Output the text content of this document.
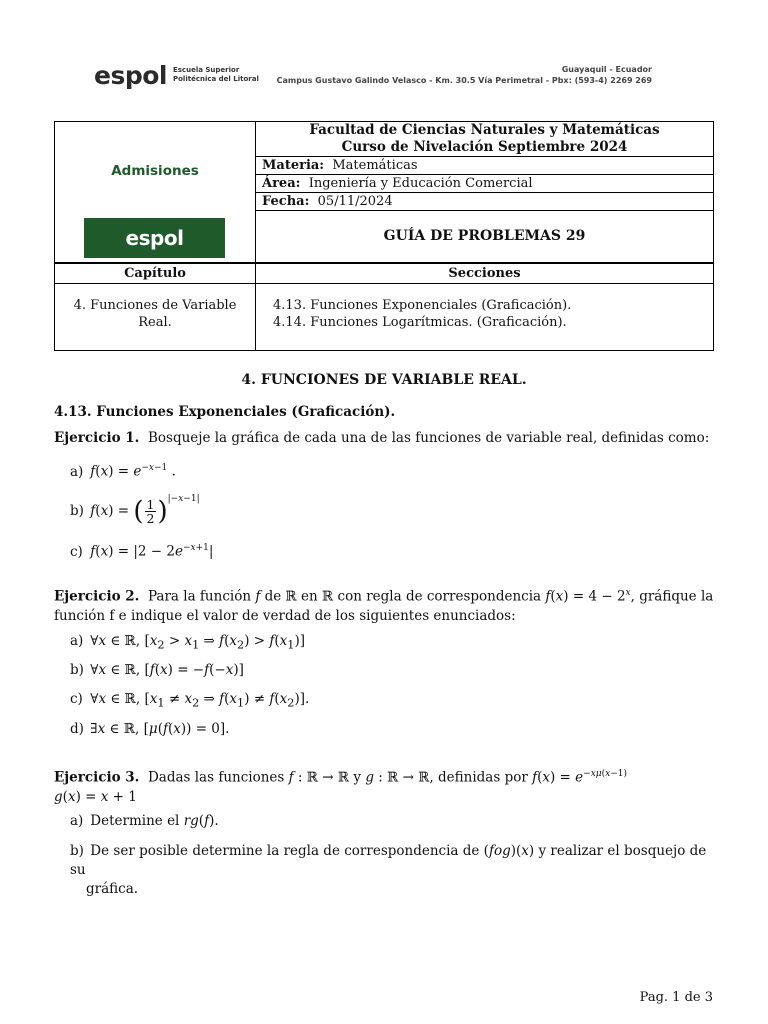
espol Escuela Superior
Politécnica del Litoral
Guayaquil - Ecuador
Campus Gustavo Galindo Velasco - Km. 30.5 Vía Perimetral - Pbx: (593-4) 2269 269
Admisiones
espol
Facultad de Ciencias Naturales y Matemáticas
Curso de Nivelación Septiembre 2024
Materia: Matemáticas
Área: Ingeniería y Educación Comercial
Fecha: 05/11/2024
GUÍA DE PROBLEMAS 29
Capítulo	Secciones
4. Funciones de Variable
Real.
4.13. Funciones Exponenciales (Graficación).
4.14. Funciones Logarítmicas. (Graficación).
4. FUNCIONES DE VARIABLE REAL.
4.13. Funciones Exponenciales (Graficación).
Ejercicio 1. Bosqueje la gráfica de cada una de las funciones de variable real, definidas como:
a) $f(x) = e^{-x-1}$ .
b) f(x) = ( $\frac{1}{2} )^{|-x-1|}$
c) $f(x) = |2 - 2e^{-x+1}|$
Ejercicio 2.  Para la función f de ℝ en ℝ con regla de correspondencia $f(x) = 4 - 2^x$, gráfique la
función f e indique el valor de verdad de los siguientes enunciados:
a) ∀x ∈ ℝ, [$x_2 > x_1$ ⇒ $f(x_2) > f(x_1)$]
b) ∀x ∈ ℝ, [f(x) = −f(−x)]
c) ∀x ∈ ℝ, [$x_1 \ne x_2$ ⇒ $f(x_1) \ne f(x_2)$].
d) ∃x ∈ ℝ, [μ(f(x)) = 0].
Ejercicio 3.  Dadas las funciones f : ℝ → ℝ y g : ℝ → ℝ, definidas por $f(x) = e^{-x\mu(x-1)}$
g(x) = x + 1
a) Determine el rg(f).
b) De ser posible determine la regla de correspondencia de (fog)(x) y realizar el bosquejo de su
gráfica.
Pag. 1 de 3
